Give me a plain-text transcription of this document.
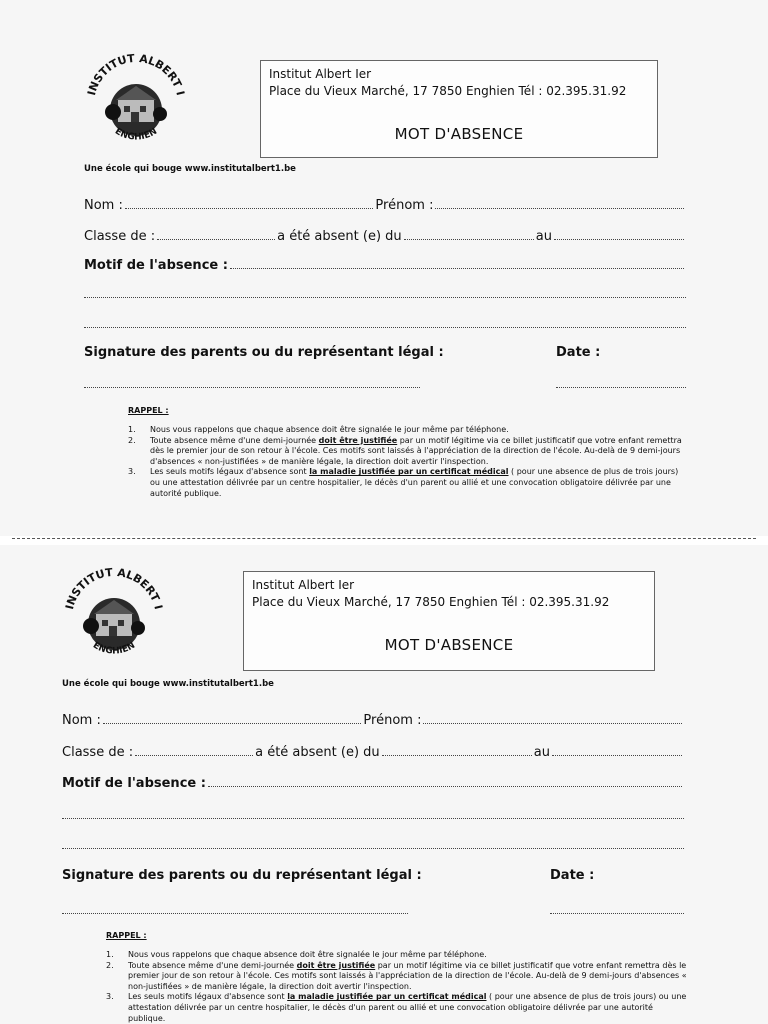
INSTITUT ALBERT I
ENGHIEN
Institut Albert Ier
Place du Vieux Marché, 17 7850 Enghien Tél : 02.395.31.92
MOT D'ABSENCE
Une école qui bouge www.institutalbert1.be
Nom :	Prénom :
Classe de :	a été absent (e) du	au
Motif de l'absence :
Signature des parents ou du représentant légal :	Date :
RAPPEL :
1. Nous vous rappelons que chaque absence doit être signalée le jour même par téléphone.
2. Toute absence même d'une demi-journée doit être justifiée par un motif légitime via ce billet justificatif que votre enfant remettra dès le premier jour de son retour à l'école. Ces motifs sont laissés à l'appréciation de la direction de l'école. Au-delà de 9 demi-jours d'absences « non-justifiées » de manière légale, la direction doit avertir l'inspection.
3. Les seuls motifs légaux d'absence sont la maladie justifiée par un certificat médical ( pour une absence de plus de trois jours) ou une attestation délivrée par un centre hospitalier, le décès d'un parent ou allié et une convocation obligatoire délivrée par une autorité publique.
INSTITUT ALBERT I
ENGHIEN
Institut Albert Ier
Place du Vieux Marché, 17 7850 Enghien Tél : 02.395.31.92
MOT D'ABSENCE
Une école qui bouge www.institutalbert1.be
Nom :	Prénom :
Classe de :	a été absent (e) du	au
Motif de l'absence :
Signature des parents ou du représentant légal :	Date :
RAPPEL :
1. Nous vous rappelons que chaque absence doit être signalée le jour même par téléphone.
2. Toute absence même d'une demi-journée doit être justifiée par un motif légitime via ce billet justificatif que votre enfant remettra dès le premier jour de son retour à l'école. Ces motifs sont laissés à l'appréciation de la direction de l'école. Au-delà de 9 demi-jours d'absences « non-justifiées » de manière légale, la direction doit avertir l'inspection.
3. Les seuls motifs légaux d'absence sont la maladie justifiée par un certificat médical ( pour une absence de plus de trois jours) ou une attestation délivrée par un centre hospitalier, le décès d'un parent ou allié et une convocation obligatoire délivrée par une autorité publique.
